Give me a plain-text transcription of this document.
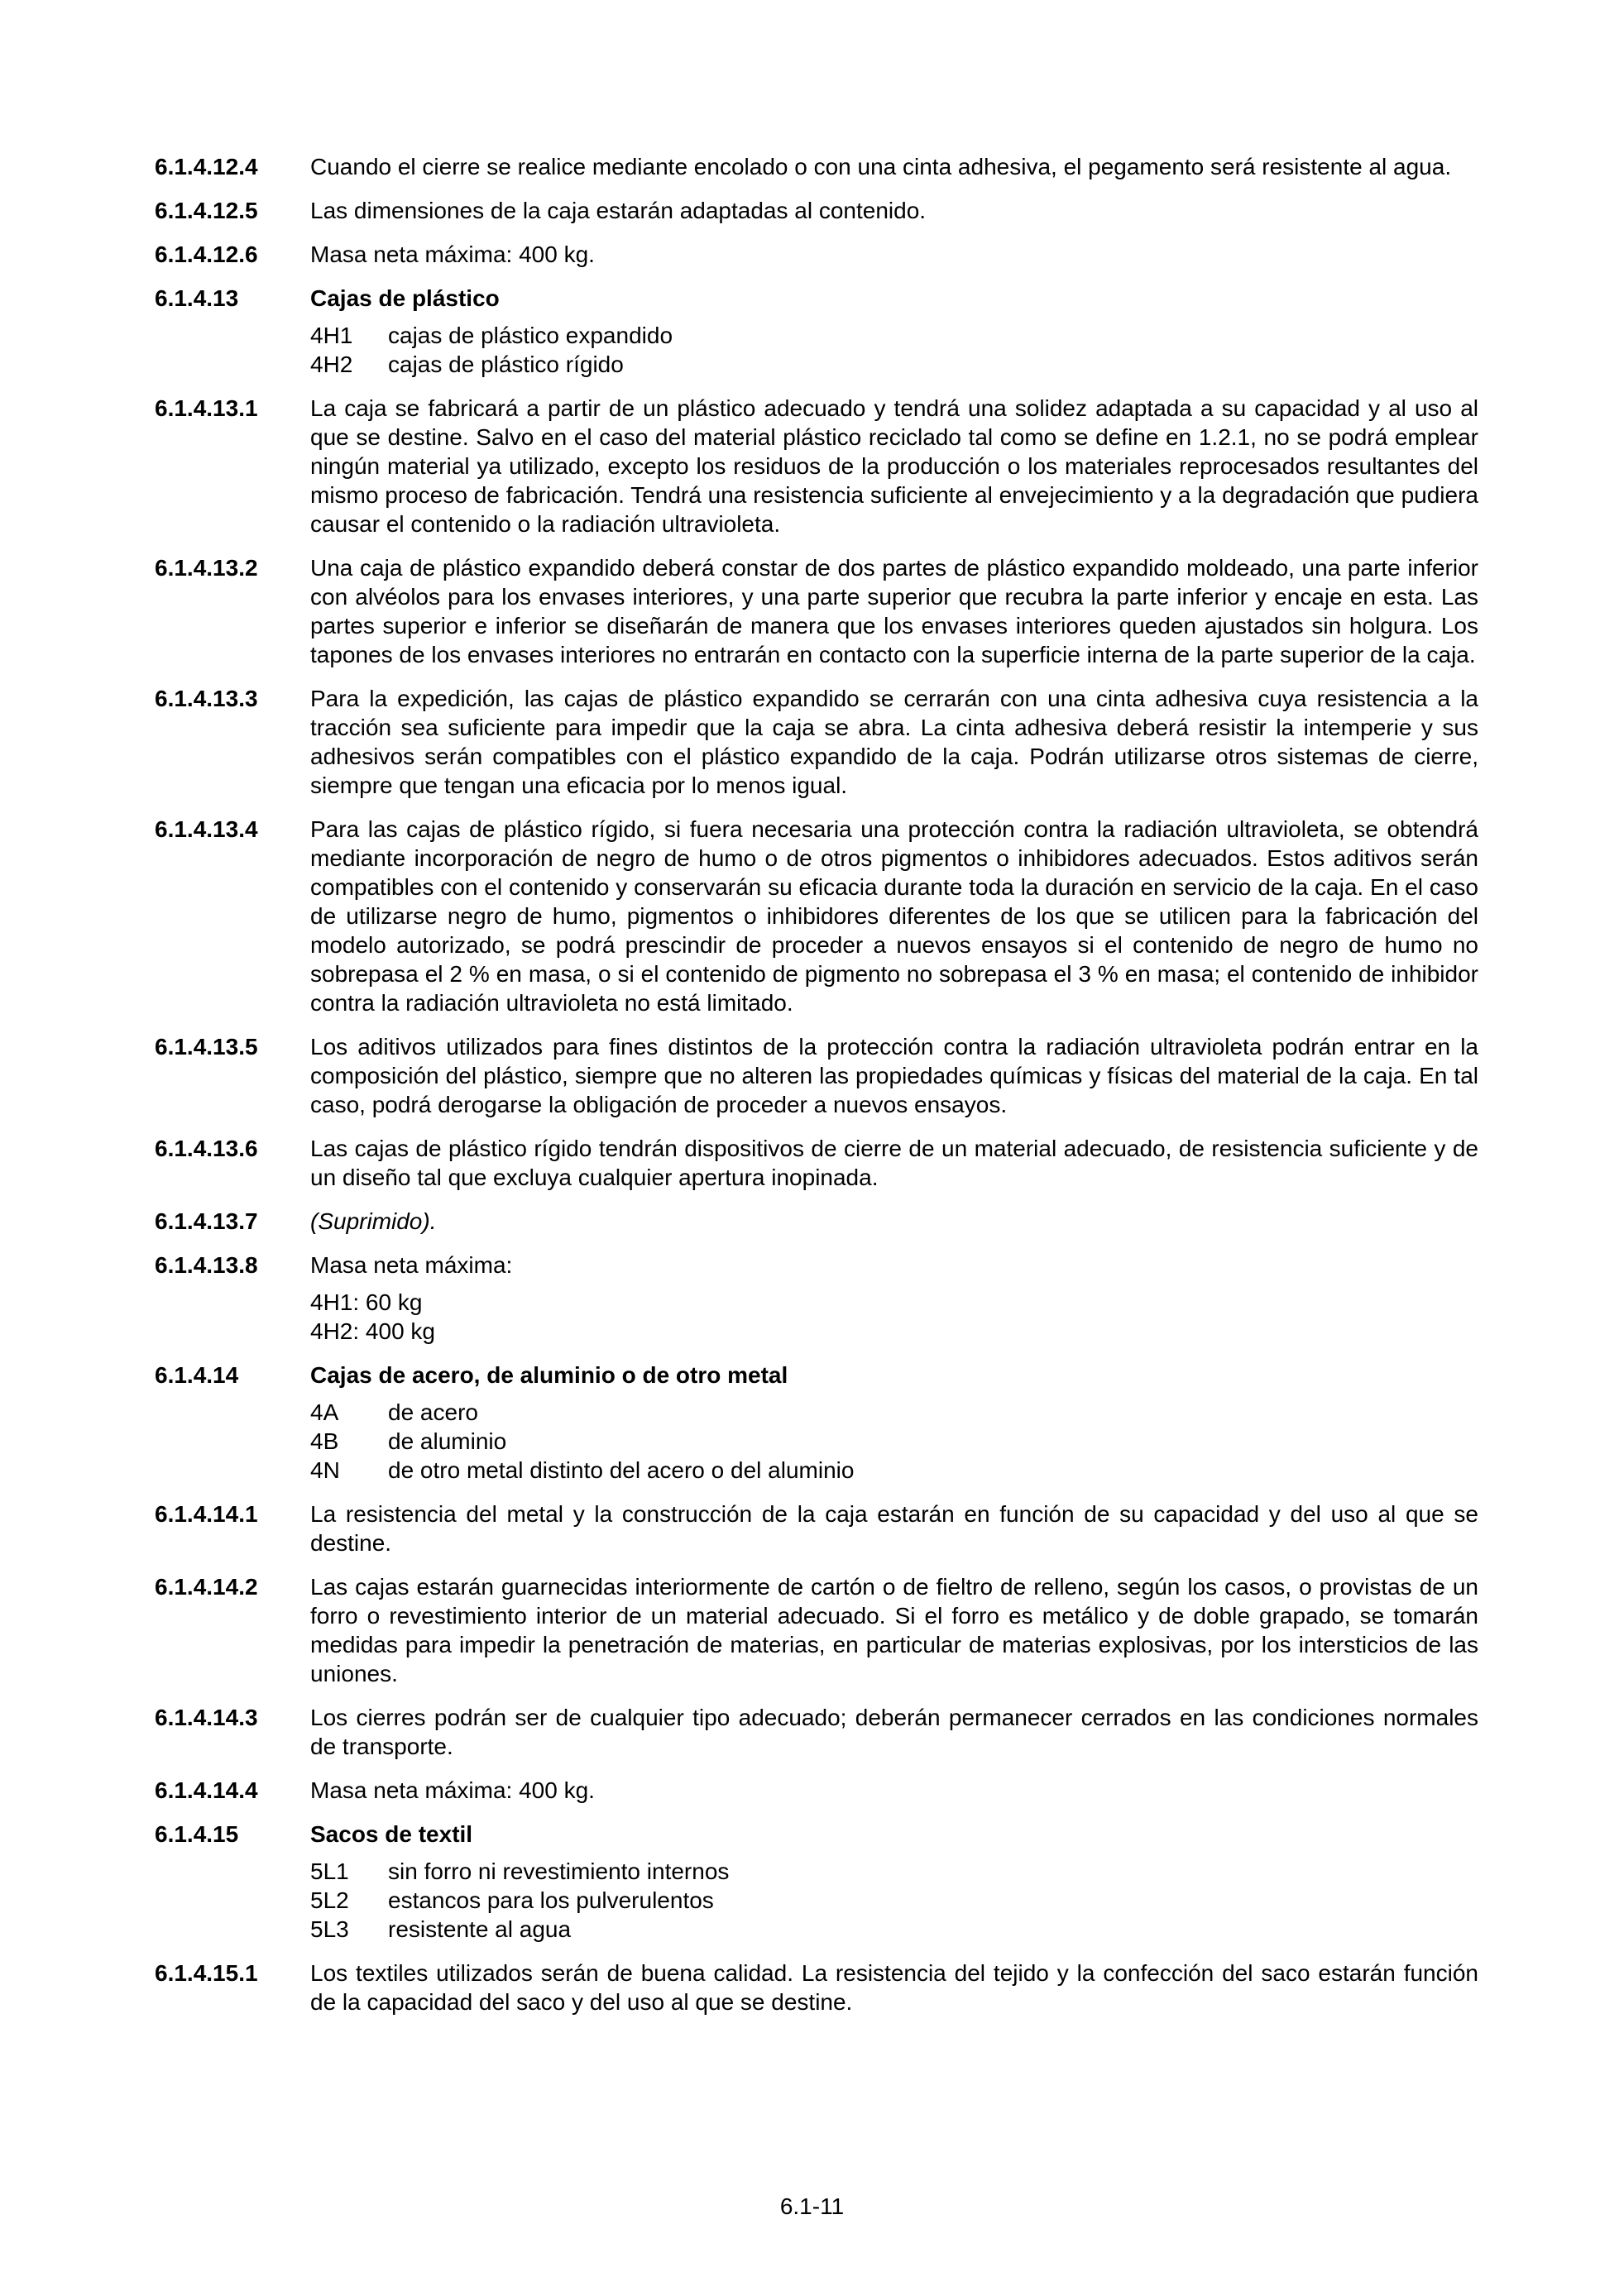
6.1.4.12.4	Cuando el cierre se realice mediante encolado o con una cinta adhesiva, el pegamento será resistente al agua.
6.1.4.12.5	Las dimensiones de la caja estarán adaptadas al contenido.
6.1.4.12.6	Masa neta máxima: 400 kg.
6.1.4.13	Cajas de plástico
4H1	cajas de plástico expandido
4H2	cajas de plástico rígido
6.1.4.13.1	La caja se fabricará a partir de un plástico adecuado y tendrá una solidez adaptada a su capacidad y al uso al que se destine. Salvo en el caso del material plástico reciclado tal como se define en 1.2.1, no se podrá emplear ningún material ya utilizado, excepto los residuos de la producción o los materiales reprocesados resultantes del mismo proceso de fabricación. Tendrá una resistencia suficiente al envejecimiento y a la degradación que pudiera causar el contenido o la radiación ultravioleta.
6.1.4.13.2	Una caja de plástico expandido deberá constar de dos partes de plástico expandido moldeado, una parte inferior con alvéolos para los envases interiores, y una parte superior que recubra la parte inferior y encaje en esta. Las partes superior e inferior se diseñarán de manera que los envases interiores queden ajustados sin holgura. Los tapones de los envases interiores no entrarán en contacto con la superficie interna de la parte superior de la caja.
6.1.4.13.3	Para la expedición, las cajas de plástico expandido se cerrarán con una cinta adhesiva cuya resistencia a la tracción sea suficiente para impedir que la caja se abra. La cinta adhesiva deberá resistir la intemperie y sus adhesivos serán compatibles con el plástico expandido de la caja. Podrán utilizarse otros sistemas de cierre, siempre que tengan una eficacia por lo menos igual.
6.1.4.13.4	Para las cajas de plástico rígido, si fuera necesaria una protección contra la radiación ultravioleta, se obtendrá mediante incorporación de negro de humo o de otros pigmentos o inhibidores adecuados. Estos aditivos serán compatibles con el contenido y conservarán su eficacia durante toda la duración en servicio de la caja. En el caso de utilizarse negro de humo, pigmentos o inhibidores diferentes de los que se utilicen para la fabricación del modelo autorizado, se podrá prescindir de proceder a nuevos ensayos si el contenido de negro de humo no sobrepasa el 2 % en masa, o si el contenido de pigmento no sobrepasa el 3 % en masa; el contenido de inhibidor contra la radiación ultravioleta no está limitado.
6.1.4.13.5	Los aditivos utilizados para fines distintos de la protección contra la radiación ultravioleta podrán entrar en la composición del plástico, siempre que no alteren las propiedades químicas y físicas del material de la caja. En tal caso, podrá derogarse la obligación de proceder a nuevos ensayos.
6.1.4.13.6	Las cajas de plástico rígido tendrán dispositivos de cierre de un material adecuado, de resistencia suficiente y de un diseño tal que excluya cualquier apertura inopinada.
6.1.4.13.7	(Suprimido).
6.1.4.13.8	Masa neta máxima:
4H1: 60 kg
4H2: 400 kg
6.1.4.14	Cajas de acero, de aluminio o de otro metal
4A	de acero
4B	de aluminio
4N	de otro metal distinto del acero o del aluminio
6.1.4.14.1	La resistencia del metal y la construcción de la caja estarán en función de su capacidad y del uso al que se destine.
6.1.4.14.2	Las cajas estarán guarnecidas interiormente de cartón o de fieltro de relleno, según los casos, o provistas de un forro o revestimiento interior de un material adecuado. Si el forro es metálico y de doble grapado, se tomarán medidas para impedir la penetración de materias, en particular de materias explosivas, por los intersticios de las uniones.
6.1.4.14.3	Los cierres podrán ser de cualquier tipo adecuado; deberán permanecer cerrados en las condiciones normales de transporte.
6.1.4.14.4	Masa neta máxima: 400 kg.
6.1.4.15	Sacos de textil
5L1	sin forro ni revestimiento internos
5L2	estancos para los pulverulentos
5L3	resistente al agua
6.1.4.15.1	Los textiles utilizados serán de buena calidad. La resistencia del tejido y la confección del saco estarán función de la capacidad del saco y del uso al que se destine.
6.1-11
